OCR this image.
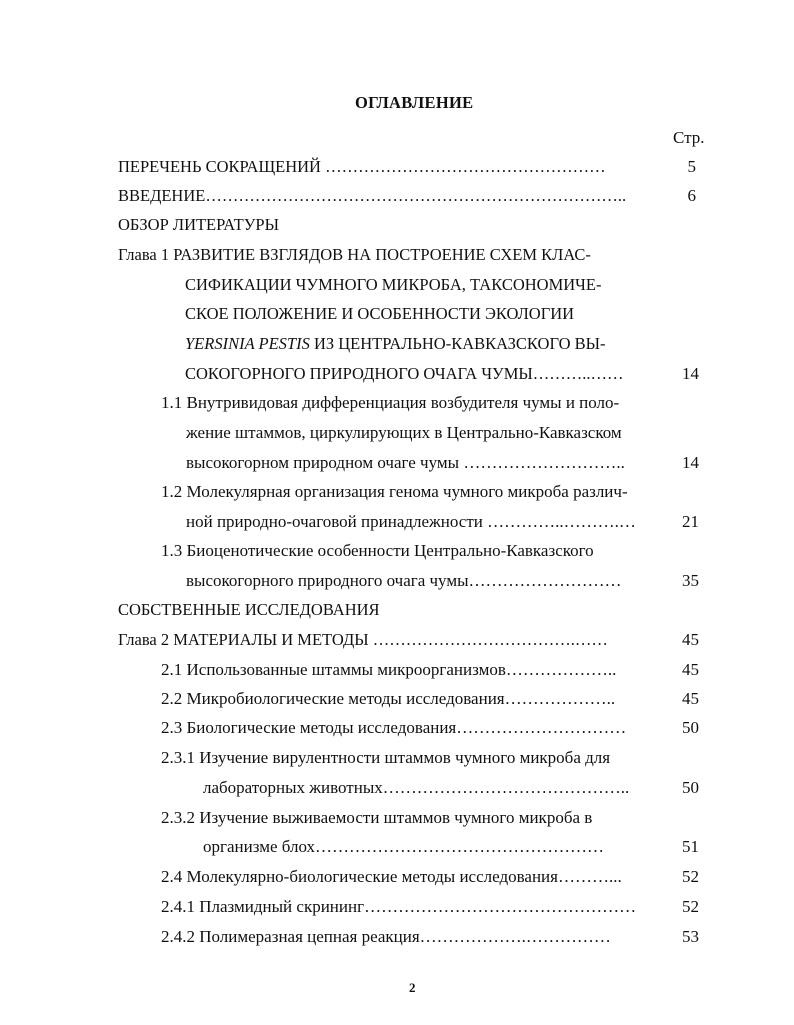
ОГЛАВЛЕНИЕ
Стр.
ПЕРЕЧЕНЬ СОКРАЩЕНИЙ ……………………………………………	5
ВВЕДЕНИЕ…………………………………………………………………..	6
ОБЗОР ЛИТЕРАТУРЫ
Глава 1 РАЗВИТИЕ ВЗГЛЯДОВ НА ПОСТРОЕНИЕ СХЕМ КЛАС-
СИФИКАЦИИ ЧУМНОГО МИКРОБА, ТАКСОНОМИЧЕ-
СКОЕ ПОЛОЖЕНИЕ И ОСОБЕННОСТИ ЭКОЛОГИИ
YERSINIA PESTIS ИЗ ЦЕНТРАЛЬНО-КАВКАЗСКОГО ВЫ-
СОКОГОРНОГО ПРИРОДНОГО ОЧАГА ЧУМЫ………..……	14
1.1 Внутривидовая дифференциация возбудителя чумы и поло-
жение штаммов, циркулирующих в Центрально-Кавказском
высокогорном природном очаге чумы ………………………..	14
1.2 Молекулярная организация генома чумного микроба различ-
ной природно-очаговой принадлежности …………..……….…	21
1.3 Биоценотические особенности Центрально-Кавказского
высокогорного природного очага чумы………………………	35
СОБСТВЕННЫЕ ИССЛЕДОВАНИЯ
Глава 2 МАТЕРИАЛЫ И МЕТОДЫ ……………………………….……	45
2.1 Использованные штаммы микроорганизмов………………..	45
2.2 Микробиологические методы исследования………………..	45
2.3 Биологические методы исследования…………………………	50
2.3.1 Изучение вирулентности штаммов чумного микроба для
лабораторных животных……………………………………..	50
2.3.2 Изучение выживаемости штаммов чумного микроба в
организме блох……………………………………………	51
2.4 Молекулярно-биологические методы исследования………...	52
2.4.1 Плазмидный скрининг…………………………………………	52
2.4.2 Полимеразная цепная реакция……………….……………	53
2
